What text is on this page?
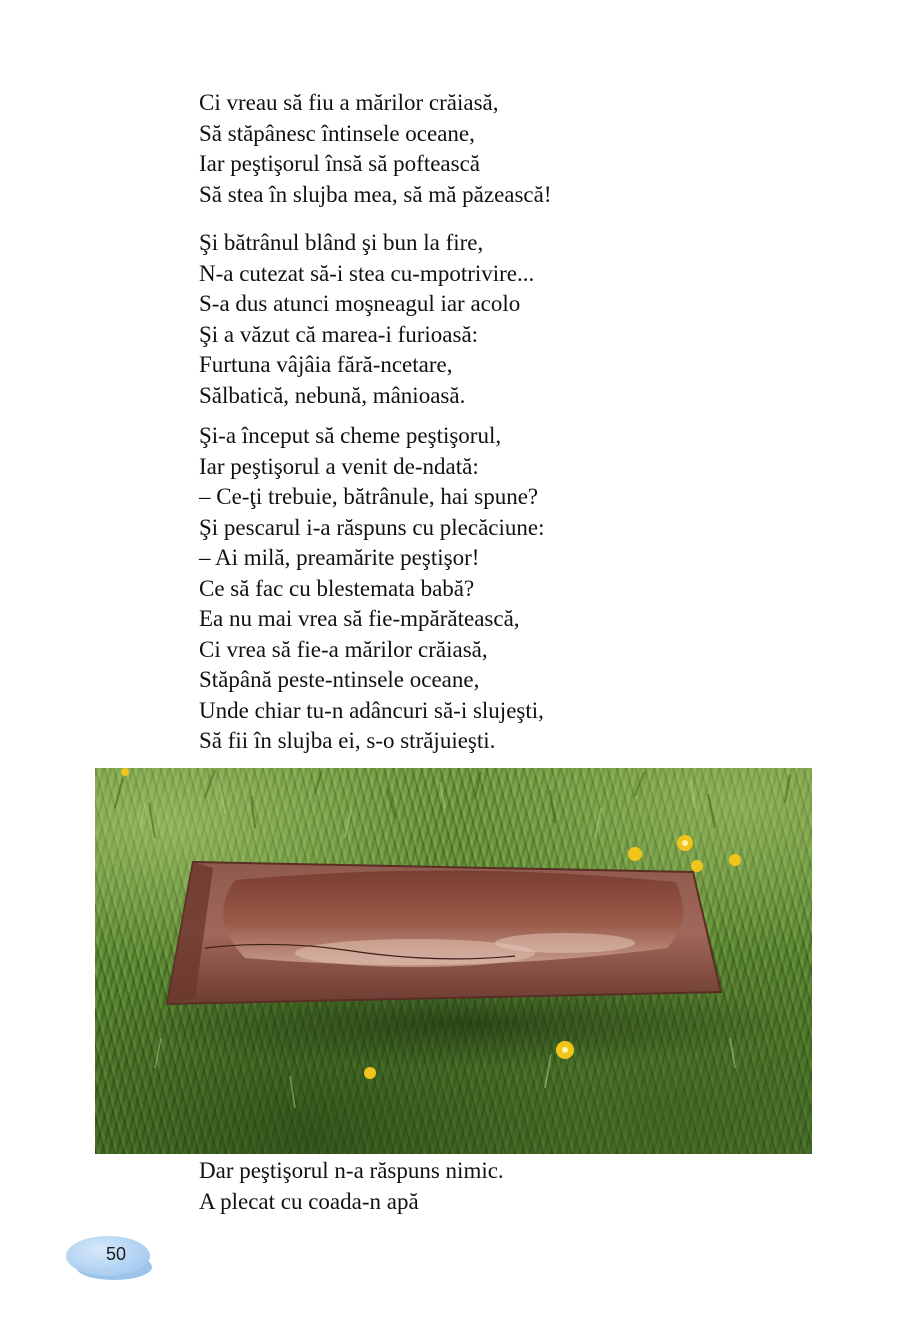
Ci vreau să fiu a mărilor crăiasă,
Să stăpânesc întinsele oceane,
Iar peştişorul însă să poftească
Să stea în slujba mea, să mă păzească!
Şi bătrânul blând şi bun la fire,
N-a cutezat să-i stea cu-mpotrivire...
S-a dus atunci moşneagul iar acolo
Şi a văzut că marea-i furioasă:
Furtuna vâjâia fără-ncetare,
Sălbatică, nebună, mânioasă.
Şi-a început să cheme peştişorul,
Iar peştişorul a venit de-ndată:
– Ce-ţi trebuie, bătrânule, hai spune?
Şi pescarul i-a răspuns cu plecăciune:
– Ai milă, preamărite peştişor!
Ce să fac cu blestemata babă?
Ea nu mai vrea să fie-mpărătească,
Ci vrea să fie-a mărilor crăiasă,
Stăpână peste-ntinsele oceane,
Unde chiar tu-n adâncuri să-i slujeşti,
Să fii în slujba ei, s-o străjuieşti.
Dar peştişorul n-a răspuns nimic.
A plecat cu coada-n apă
50
